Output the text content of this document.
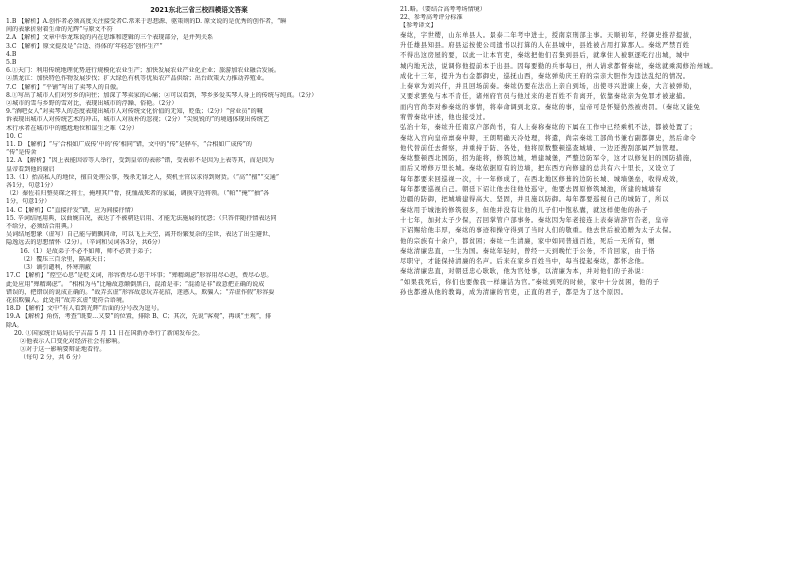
2021东北三省三校四模语文答案
1.B 【解析】A.创作者必须高度关注接受者C.常来于思想源、驱策则的D. 原文说的是优秀的创作者，“瞬
间的表象折射着生命的光辉”与原文不符
2.A 【解析】文章中举龙珠说的内在思维和逻辑的三个表现部分，是并列关系
3.C 【解析】原文提及是“合适、得体的‘年轻态’创作生产”
4.B
5.B
6.①天门：利用传统地理优势进行规模化农业生产；加快发展农业产业化企业；旅游加农业融合发展。
②黑龙江：加快特色作物发展步伐；扩大绿色有机等优质农产品供给；出台政策大力推动养殖业。
7.C 【解析】“平铺”写出了卖琴人的自傲。
8.①写出了城市人们对穷乡的向往；加深了琴卖家的心痛；②可以看到，琴乡多爱买琴人身上的传统与纯真。（2分）
②城市的雪与乡野的雪对比，表现出城市的浮躁、俗艳。（2分）
9.“酒吧女人”对卖琴人的态度表现出城市人对传统文化价值的无知，贬低；（2分）“营业员”的喊
诉表现出城市人对传统艺术的冲击，城市人对质朴的忽视；（2分）“尖锐锐的”的境遇体现出传统艺
术行承者在城市中的尴尬地位和谋生之难（2分）
10. C
11. D 【解析】“与‘合相如广成传’中的‘传’相同”错，文中的“传”是驿车，“合相如广成传”的
“传”是传舍
12. A 【解析】“因上表能因帝等人举行，受到皇帝的表彰”错，受表彰不是因为上表等其，而是因为
皇帝看到他的谢启
13.（1）抬高私人的地位，擅自处理公事，残杀无罪之人，契机主官以求得到财货。（“高”“擅”“交通”
各1分，句意1分）
（2）秦佐若归整莫琛之将士，掩埋其尸骨，抚恤战死者的家属，调换守边将领。（“帕”“掩”“抽”各
1分，句意1分）
14. C【解析】C“直接抒发”错，应为间接抒情）
15. 辛词结尾用典，以曲婉自况，表达了不被朝廷启用、才能无法施展的忧怨；（只答伴随抒情表达同
不给分，必须结合用典。）
吴词结尾想象（虚写）自己能与鹤飘同命，可以飞上天空，离开纷繁复杂的尘世，表达了出尘避世、
隐逸远去的思想情怀（2分）。（辛词和吴词各3分，共6分）
16.（1）是故弟子不必不如师，师不必贤于弟子；
（2）覆压三百余里，隔离天日；
（3）谪引谴利，怀寒荆蔽
17.C 【解析】“控空心思”是贬义词，形容费尽心思干坏事；“殚精竭虑”形容用尽心思，费尽心思。
此处应用“殚精竭虑”。 “相相为马”比喻故意颠倒黑白，混淆是非；“混淆是非”故意把正确的说成
错误的，把错误的说成正确的。“故弄玄虚”形容故意玩弄花招，迷惑人，欺骗人；“弄虚作假”形容耍
花招欺骗人。此处用“故弄玄虚”更符合语境。
18.D 【解析】文中“有人看到光辉”后面的分号改为逗号。
19.A 【解析】角伤，考查“既要…又要”的位置，排除 B、C；其次，先说“客观”，再谈“主观”，排
除A。
20. ①国家统计局局长宁吉喆 5 月 11 日在国新办举行了新闻发布会。
②他表示人口变化对经济社会有影响。
③对于这一影响要辩证地看待。
（每句 2 分，共 6 分）
21.略。（要结合高考考场情境）
22、参考高考评分标准
【参考译文】
秦纮，字世缨，山东单县人。景泰二年考中进士，授南京刑部主事。天顺初年，经御史推荐提拔，
升任雄县知县。府县运按使公司遗书以打算的人在县城中，县姓被占用打算那人。秦纮严禁百姓
不得出这房屋的要，以此一让本官吏，秦纮把他们召集到县后，就拿住人被驱逐吃行出城，城中
城内地无法，说调你他提前本于出县。因每要勤的兵事每日，州人请求都督秦纮，秦纮就乘渴修治州城。
成化十三年，提升为右金都御史，巡抚山西，秦纮弹劾庆王府的宗亲大胆作为违法乱纪的情况。
上奏章为刘兴仟，并且回场前奏。秦纮仍要在法出上亲自到场，出使寻兴进谏上奏，大言被弹劾，
又要求罢免与本不肯任，诸州府官员与他过来的老百姓不肯离开，依靠秦纮亲为免罪才被逮捕。
而内官尚李对参秦纮的事情，将奉命调到北京。秦纮的事，皇帝可是怀疑仍然被责罚。（秦纮又能免
宥曾秦纮申述，他也接受过。
弘治十年，秦纮升任南京户部尚书，有人上奏称秦纮的下属在工作中已经乘机不法，都被处置了；
秦纮入宫向皇帝禀奏申辩，王朗明确天冷处理，将遣，尚宗秦纮工部尚书兼右副都御史，然后命令
他代替前任去督察，并重持于防、各处，他将原数整顿巡查城墙、一边还搜刮部属严加管理。
秦纮整顿西北国防，招为能将，修筑边城，增建城堡，严整边防军令，这才以修复旧的国防措施，
而后又增修万里长城。秦纮依据原有的边墙，把东西方向修建的总共有六十里长，又设立了
每年都要来回巡视一次，十一年修成了，在西北地区修葺的边防长城、城墙堡垒，收得成效，
每年都要巡视自己。朝廷下诏让他去往他处巡守，他要去固原修筑城池，所建的城墙有
边疆的防御，把城墙建得高大、坚固，并且施以防御。每年都要巡视自己的城防了，所以
秦纮用于城池的修筑很多，但他并没有让他的儿子们中饱私囊，就这样使他的孙子
十七年，加封太子少保，召回掌管户部事务。秦纮因为年老接连上表奏请辞官告老，皇帝
下诏赐给他丰厚，秦纮的事迹和操守得到了当时人们的敬重。他去世后被追赠为太子太保。
他的宗族有十余户，都贫困；秦纮一生清廉，家中如同普通百姓，死后一无所有，赠
秦纮清廉忠直，一生为国。秦纮年轻时，曾经一天到晚忙于公务，不肯回家，由于恪
尽职守，才能保持清廉的名声。后来在家乡百姓当中，每当提起秦纮，都怀念他。
秦纮清廉忠直，对朝廷忠心耿耿，他为官处事，以清廉为本，并对他们的子孙说：
“如果我死后，你们也要像我一样廉洁为官。”秦纮到死的时候，家中十分贫困，他的子
孙也都遵从他的教诲，成为清廉的官吏，正直的君子，都是为了这个原因。
